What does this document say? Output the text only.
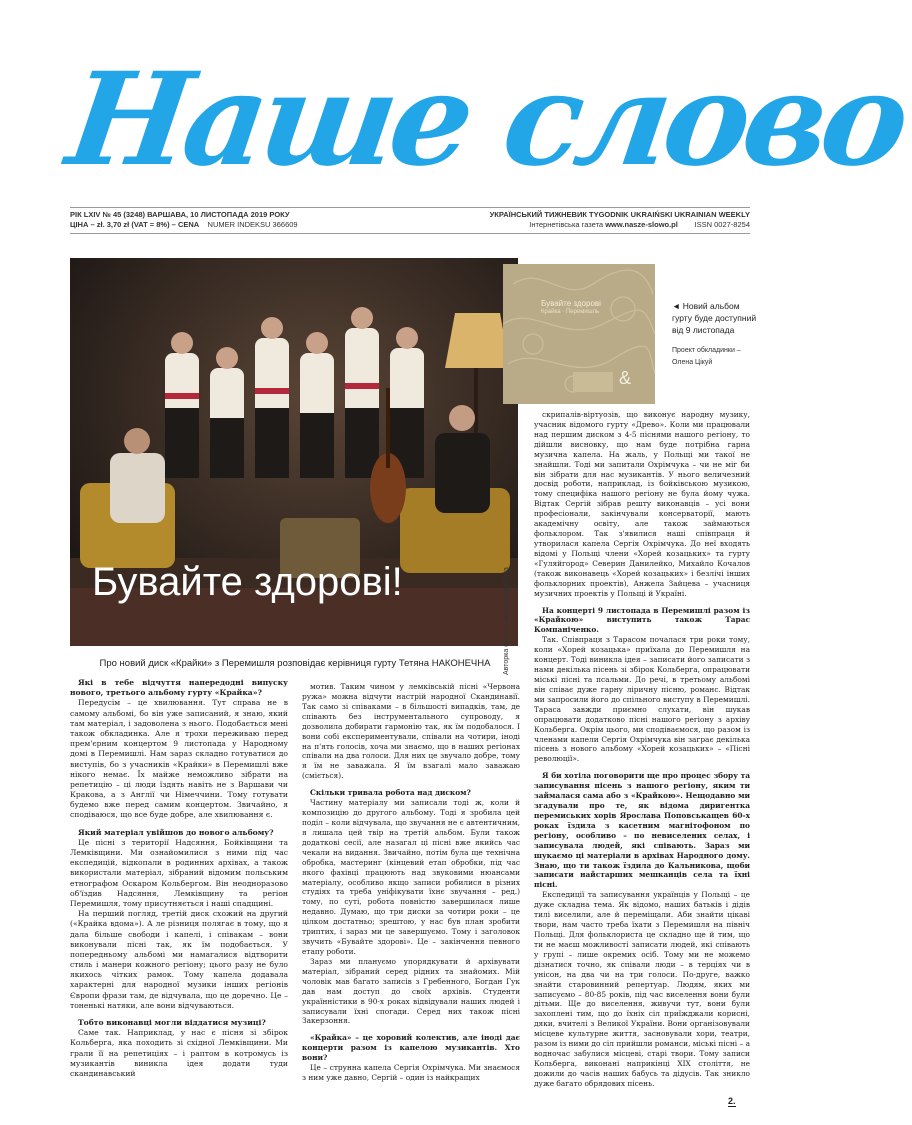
Наше слово
РІК LXIV № 45 (3248) ВАРШАВА, 10 ЛИСТОПАДА 2019 РОКУ
ЦІНА – zł. 3,70 zł (VAT = 8%) – CENA NUMER INDEKSU 366609
УКРАЇНСЬКИЙ ТИЖНЕВИК TYGODNIK UKRAIŃSKI UKRAINIAN WEEKLY
Інтернетівська газета www.nasze-slowo.pl ISSN 0027-8254
Бувайте здорові!	Авторка фото – Александра Руга
Бувайте здорові
Крайка · Перемишль
&
◄ Новий альбом гурту буде доступний від 9 листопада
Проект обкладинки – Олена Цікуй
Про новий диск «Крайки» з Перемишля розповідає керівниця гурту Тетяна НАКОНЕЧНА

Які в тебе відчуття напередодні випуску нового, третього альбому гурту «Крайка»?

Передусім – це хвилювання. Тут справа не в самому альбомі, бо він уже записаний, я знаю, який там матеріал, і задоволена з нього. Подобається мені також обкладинка. Але я трохи переживаю перед прем'єрним концертом 9 листопада у Народному домі в Перемишлі. Нам зараз складно готуватися до виступів, бо з учасників «Крайки» в Перемишлі вже нікого немає. Їх майже неможливо зібрати на репетицію – ці люди їздять навіть не з Варшави чи Кракова, а з Англії чи Німеччини. Тому готувати будемо вже перед самим концертом. Звичайно, я сподіваюся, що все буде добре, але хвилювання є.

Який матеріал увійшов до нового альбому?

Це пісні з території Надсяння, Бойківщини та Лемківщини. Ми ознайомилися з ними під час експедицій, відкопали в родинних архівах, а також використали матеріал, зібраний відомим польським етнографом Оскаром Кольбергом. Він неодноразово об'їздив Надсяння, Лемківщину та регіон Перемишля, тому присутняється і наші спадщині.

На перший погляд, третій диск схожий на другий («Крайка вдома»). А ле різниця полягає в тому, що я дала більше свободи і капелі, і співакам – вони виконували пісні так, як їм подобається. У попередньому альбомі ми намагалися відтворити стиль і манери кожного регіону; цього разу не було якихось чітких рамок. Тому капела додавала характерні для народної музики інших регіонів Європи фрази там, де відчувала, що це доречно. Це – тоненькі натяки, але вони відчуваються.

Тобто виконавці могли віддатися музиці?

Саме так. Наприклад, у нас є пісня зі збірок Кольберга, яка походить зі східної Лемківщини. Ми грали її на репетиціях – і раптом в котромусь із музикантів виникла ідея додати туди скандинавський

мотив. Таким чином у лемківській пісні «Червона ружа» можна відчути настрій народної Скандинавії. Так само зі співаками – в більшості випадків, там, де співають без інструментального супроводу, я дозволила добирати гармонію так, як їм подобалося. І вони собі експериментували, співали на чотири, іноді на п'ять голосів, хоча ми знаємо, що в наших регіонах співали на два голоси. Для них це звучало добре, тому я їм не заважала. Я їм взагалі мало заважаю (сміється).

Скільки тривала робота над диском?

Частину матеріалу ми записали тоді ж, коли й композицію до другого альбому. Тоді я зробила цей подiл – коли відчувала, що звучання не є автентичним, я лишала цей твір на третій альбом. Були також додаткові сесії, але назагал ці пісні вже якийсь час чекали на видання. Звичайно, потім була ще технічна обробка, мастеринг (кінцевий етап обробки, під час якого фахівці працюють над звуковими нюансами матеріалу, особливо якщо записи робилися в різних студіях та треба уніфікувати їхнє звучання – ред.) тому, по суті, робота повністю завершилася лише недавно. Думаю, що три диски за чотири роки – це цілком достатньо; зрештою, у нас був план зробити триптих, і зараз ми це завершуємо. Тому і заголовок звучить «Бувайте здорові». Це – закінчення певного етапу роботи.

Зараз ми плануємо упорядкувати й архівувати матеріал, зібраний серед рідних та знайомих. Мій чоловік мав багато записів з Гребенного, Богдан Гук дав нам доступ до своїх архівів. Студенти українністики в 90-х роках відвідували наших людей і записували їхні спогади. Серед них також пісні Закерзоння.

«Крайка» – це хоровий колектив, але іноді дає концерти разом із капелою музикантів. Хто вони?

Це – струнна капела Сергія Охрімчука. Ми знаємося з ним уже давно, Сергій – один із найкращих

скрипалів-віртуозів, що виконує народну музику, учасник відомого гурту «Древо». Коли ми працювали над першим диском з 4-5 піснями нашого регіону, то дійшли висновку, що нам буде потрібна гарна музична капела. На жаль, у Польщі ми такої не знайшли. Тоді ми запитали Охрімчука – чи не міг би він зібрати для нас музикантів. У нього величезний досвід роботи, наприклад, із бойківською музикою, тому специфіка нашого регіону не була йому чужа. Відтак Сергій зібрав решту виконавців – усі вони професіонали, закінчували консерваторії, мають академічну освіту, але також займаються фольклором. Так з'явилися наші співпраця й утворилася капела Сергія Охрімчука. До неї входять відомі у Польщі члени «Хорей козацьких» та гурту «Гуляйгород» Северин Данилейко, Михайло Кочалов (також виконавець «Хорей козацьких» і безлічі інших фольклорних проектів), Анжела Зайцева – учасниця музичних проектів у Польщі й Україні.

На концерті 9 листопада в Перемишлі разом із «Крайкою» виступить також Тарас Компаніченко.

Так. Співпраця з Тарасом почалася три роки тому, коли «Хорей козацька» приїхала до Перемишля на концерт. Тоді виникла ідея – записати його записати з нами декілька пісень зі збірок Кольберга, опрацювати міські пісні та псальми. До речі, в третьому альбомі він співає дуже гарну ліричну пісню, романс. Відтак ми запросили його до спільного виступу в Перемишлі. Тараса завжди приємно слухати, він шукав опрацювати додатково пісні нашого регіону з архіву Кольберга. Окрім цього, ми сподіваємося, що разом із членами капели Сергія Охрімчука він заграє декілька пісень з нового альбому «Хорей козацьких» – «Пісні революції».

Я би хотіла поговорити ще про процес збору та записування пісень з нашого регіону, яким ти займалася сама або з «Крайкою». Нещодавно ми згадували про те, як відома диригентка перемиських хорів Ярослава Поповськащев 60-х роках їздила з касетним магнітофоном по регіону, особливо – по невиселених селах, і записувала людей, які співають. Зараз ми шукаємо ці матеріали в архівах Народного дому. Знаю, що ти також їздила до Кальникова, щоби записати найстарших мешканців села та їхні пісні.

Експедиції та записування українців у Польщі – це дуже складна тема. Як відомо, наших батьків і дідів тилі виселили, але й переміщали. Аби знайти цікаві твори, нам часто треба їхати з Перемишля на північ Польщі. Для фольклориста це складно ще й тим, що ти не маєш можливості записати людей, які співають у групі – лише окремих осіб. Тому ми не можемо дізнатися точно, як співали люди – в терціях чи в унісон, на два чи на три голоси. По-друге, важко знайти старовинний репертуар. Людям, яких ми записуємо – 80-85 років, під час виселення вони були дітьми. Ще до виселення, живучи тут, вони були захоплені тим, що до їхніх сіл приїжджали корисні, дяки, вчителі з Великої України. Вони організовували місцеве культурне життя, засновували хори, театри, разом із ними до сіл прийшли романси, міські пісні – а водночас забулися місцеві, старі твори. Тому записи Кольберга, виконані наприкінці XIX століття, не дожили до часів наших бабусь та дідусів. Так зникло дуже багато обрядових пісень.

2.
